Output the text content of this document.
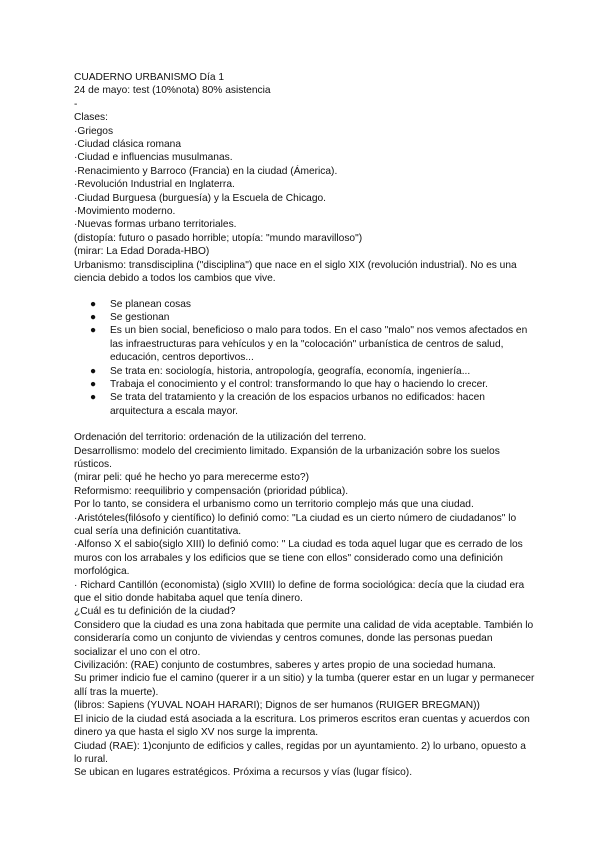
CUADERNO URBANISMO Día 1

24 de mayo: test (10%nota) 80% asistencia

-

Clases:

·Griegos

·Ciudad clásica romana

·Ciudad e influencias musulmanas.

·Renacimiento y Barroco (Francia) en la ciudad (Ámerica).

·Revolución Industrial en Inglaterra.

·Ciudad Burguesa (burguesía) y la Escuela de Chicago.

·Movimiento moderno.

·Nuevas formas urbano territoriales.

(distopía: futuro o pasado horrible; utopía: "mundo maravilloso")

(mirar: La Edad Dorada-HBO)

Urbanismo: transdisciplina ("disciplina") que nace en el siglo XIX (revolución industrial). No es una ciencia debido a todos los cambios que vive.

● Se planean cosas
● Se gestionan
● Es un bien social, beneficioso o malo para todos. En el caso "malo" nos vemos afectados en las infraestructuras para vehículos y en la "colocación" urbanística de centros de salud, educación, centros deportivos...
● Se trata en: sociología, historia, antropología, geografía, economía, ingeniería...
● Trabaja el conocimiento y el control: transformando lo que hay o haciendo lo crecer.
● Se trata del tratamiento y la creación de los espacios urbanos no edificados: hacen arquitectura a escala mayor.

Ordenación del territorio: ordenación de la utilización del terreno.

Desarrollismo: modelo del crecimiento limitado. Expansión de la urbanización sobre los suelos rústicos.

(mirar peli: qué he hecho yo para merecerme esto?)

Reformismo: reequilibrio y compensación (prioridad pública).

Por lo tanto, se considera el urbanismo como un territorio complejo más que una ciudad.

·Aristóteles(filósofo y científico) lo definió como: "La ciudad es un cierto número de ciudadanos" lo cual sería una definición cuantitativa.

·Alfonso X el sabio(siglo XIII) lo definió como: " La ciudad es toda aquel lugar que es cerrado de los muros con los arrabales y los edificios que se tiene con ellos" considerado como una definición morfológica.

· Richard Cantillón (economista) (siglo XVIII) lo define de forma sociológica: decía que la ciudad era que el sitio donde habitaba aquel que tenía dinero.

¿Cuál es tu definición de la ciudad?

Considero que la ciudad es una zona habitada que permite una calidad de vida aceptable. También lo consideraría como un conjunto de viviendas y centros comunes, donde las personas puedan socializar el uno con el otro.

Civilización: (RAE) conjunto de costumbres, saberes y artes propio de una sociedad humana.

Su primer indicio fue el camino (querer ir a un sitio) y la tumba (querer estar en un lugar y permanecer allí tras la muerte).

(libros: Sapiens (YUVAL NOAH HARARI); Dignos de ser humanos (RUIGER BREGMAN))

El inicio de la ciudad está asociada a la escritura. Los primeros escritos eran cuentas y acuerdos con dinero ya que hasta el siglo XV nos surge la imprenta.

Ciudad (RAE): 1)conjunto de edificios y calles, regidas por un ayuntamiento. 2) lo urbano, opuesto a lo rural.

Se ubican en lugares estratégicos. Próxima a recursos y vías (lugar físico).
